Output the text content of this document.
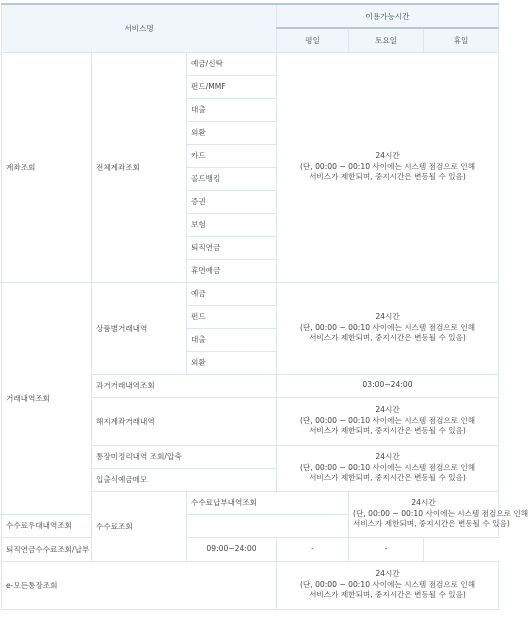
서비스명			이용가능시간		
			평일	토요일	휴일
계좌조회	전체계좌조회	예금/신탁	24시간
(단, 00:00 ~ 00:10 사이에는 시스템 점검으로 인해
서비스가 제한되며, 중지시간은 변동될 수 있음)		

		펀드/MMF			
		대출			
		외환			
		카드			
		골드뱅킹			
		증권			
		보험			
		퇴직연금			
		휴면예금			
거래내역조회	상품별거래내역	예금	24시간
(단, 00:00 ~ 00:10 사이에는 시스템 점검으로 인해
서비스가 제한되며, 중지시간은 변동될 수 있음)		

		펀드			
		대출			
		외환			
	과거거래내역조회		03:00~24:00		
	해지계좌거래내역		24시간
(단, 00:00 ~ 00:10 사이에는 시스템 점검으로 인해
서비스가 제한되며, 중지시간은 변동될 수 있음)		

	통장미정리내역 조회/압축		24시간
(단, 00:00 ~ 00:10 사이에는 시스템 점검으로 인해
서비스가 제한되며, 중지시간은 변동될 수 있음)		

	입출식예금메모				
	수수료조회	수수료납부내역조회		24시간
(단, 00:00 ~ 00:10 사이에는 시스템 점검으로 인해
서비스가 제한되며, 중지시간은 변동될 수 있음)	

수수료우대내역조회					
퇴직연금수수료조회/납부		09:00~24:00	-	-	
e-모든통장조회			24시간
(단, 00:00 ~ 00:10 사이에는 시스템 점검으로 인해
서비스가 제한되며, 중지시간은 변동될 수 있음)		
